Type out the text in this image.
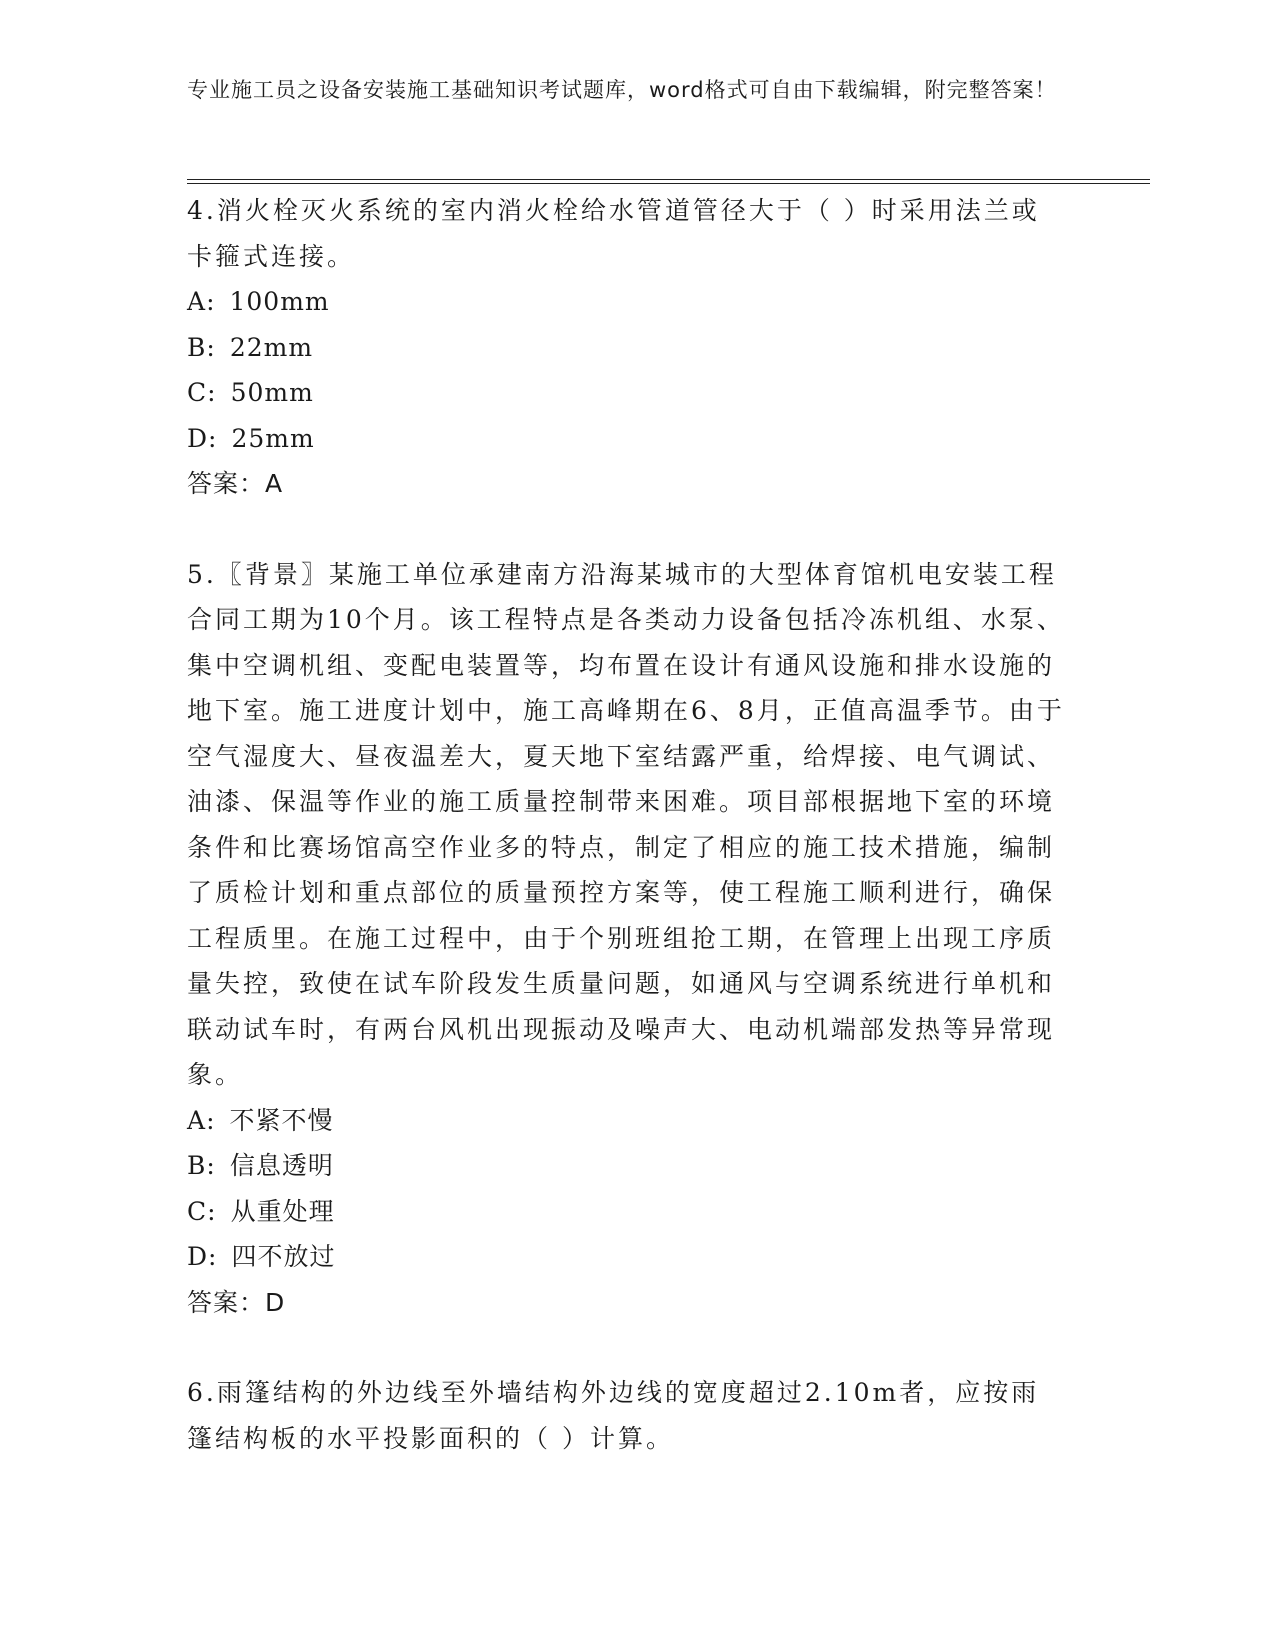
专业施工员之设备安装施工基础知识考试题库，word格式可自由下载编辑，附完整答案！

4.消火栓灭火系统的室内消火栓给水管道管径大于（ ）时采用法兰或卡箍式连接。

A: 100mm

B: 22mm

C: 50mm

D: 25mm

答案：A

5.〖背景〗某施工单位承建南方沿海某城市的大型体育馆机电安装工程合同工期为10个月。该工程特点是各类动力设备包括冷冻机组、水泵、集中空调机组、变配电装置等，均布置在设计有通风设施和排水设施的地下室。施工进度计划中，施工高峰期在6、8月，正值高温季节。由于空气湿度大、昼夜温差大，夏天地下室结露严重，给焊接、电气调试、油漆、保温等作业的施工质量控制带来困难。项目部根据地下室的环境条件和比赛场馆高空作业多的特点，制定了相应的施工技术措施，编制了质检计划和重点部位的质量预控方案等，使工程施工顺利进行，确保工程质里。在施工过程中，由于个别班组抢工期，在管理上出现工序质量失控，致使在试车阶段发生质量问题，如通风与空调系统进行单机和联动试车时，有两台风机出现振动及噪声大、电动机端部发热等异常现象。

A: 不紧不慢

B: 信息透明

C: 从重处理

D: 四不放过

答案：D

6.雨篷结构的外边线至外墙结构外边线的宽度超过2.10m者，应按雨篷结构板的水平投影面积的（ ）计算。
